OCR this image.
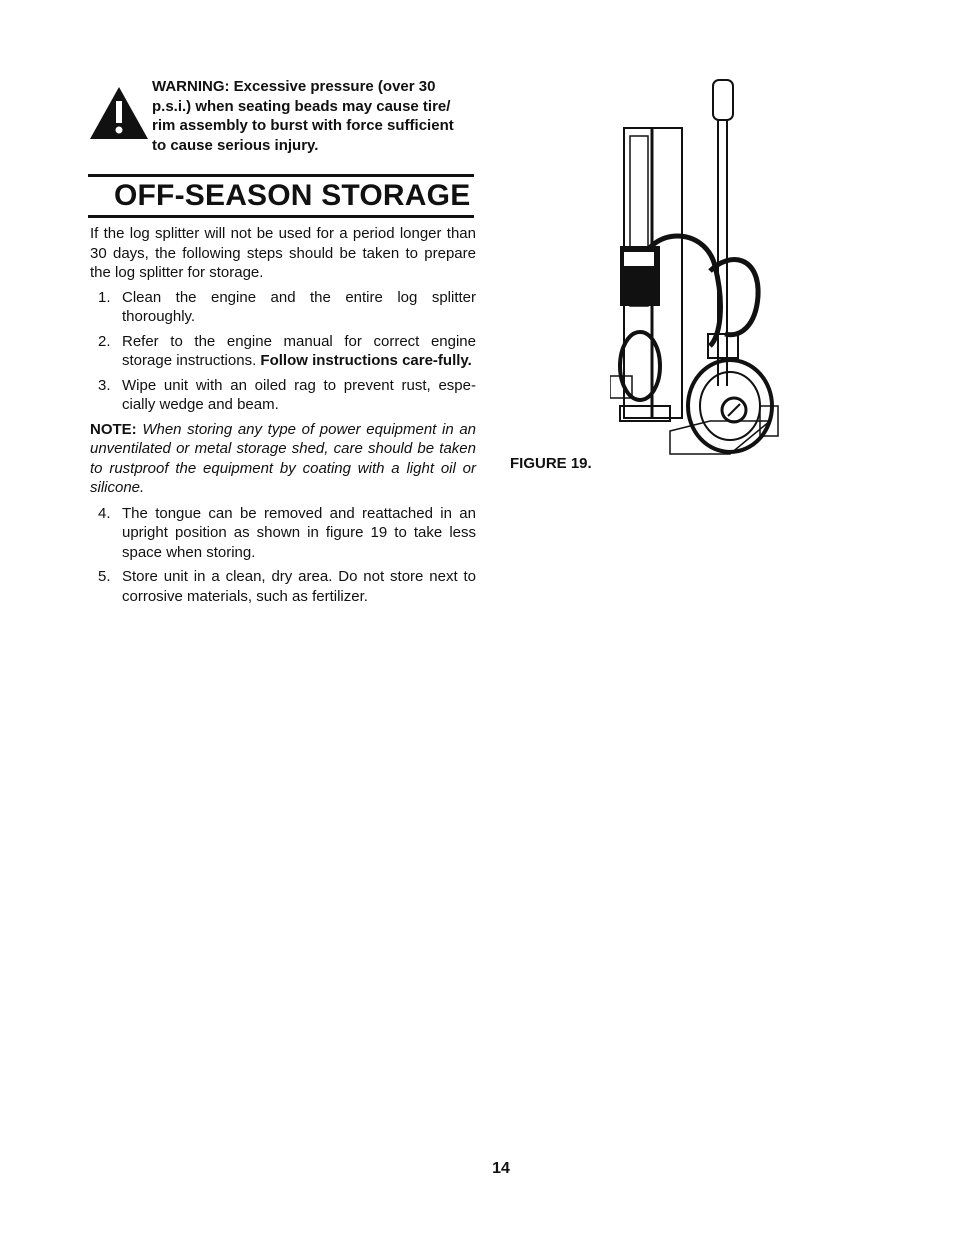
WARNING: Excessive pressure (over 30 p.s.i.) when seating beads may cause tire/ rim assembly to burst with force sufficient to cause serious injury.
OFF-SEASON STORAGE

If the log splitter will not be used for a period longer than 30 days, the following steps should be taken to prepare the log splitter for storage.

1. Clean the engine and the entire log splitter thoroughly.
2. Refer to the engine manual for correct engine storage instructions. Follow instructions care-fully.
3. Wipe unit with an oiled rag to prevent rust, espe-cially wedge and beam.

NOTE: When storing any type of power equipment in an unventilated or metal storage shed, care should be taken to rustproof the equipment by coating with a light oil or silicone.

4. The tongue can be removed and reattached in an upright position as shown in figure 19 to take less space when storing.
5. Store unit in a clean, dry area. Do not store next to corrosive materials, such as fertilizer.
FIGURE 19.
14
